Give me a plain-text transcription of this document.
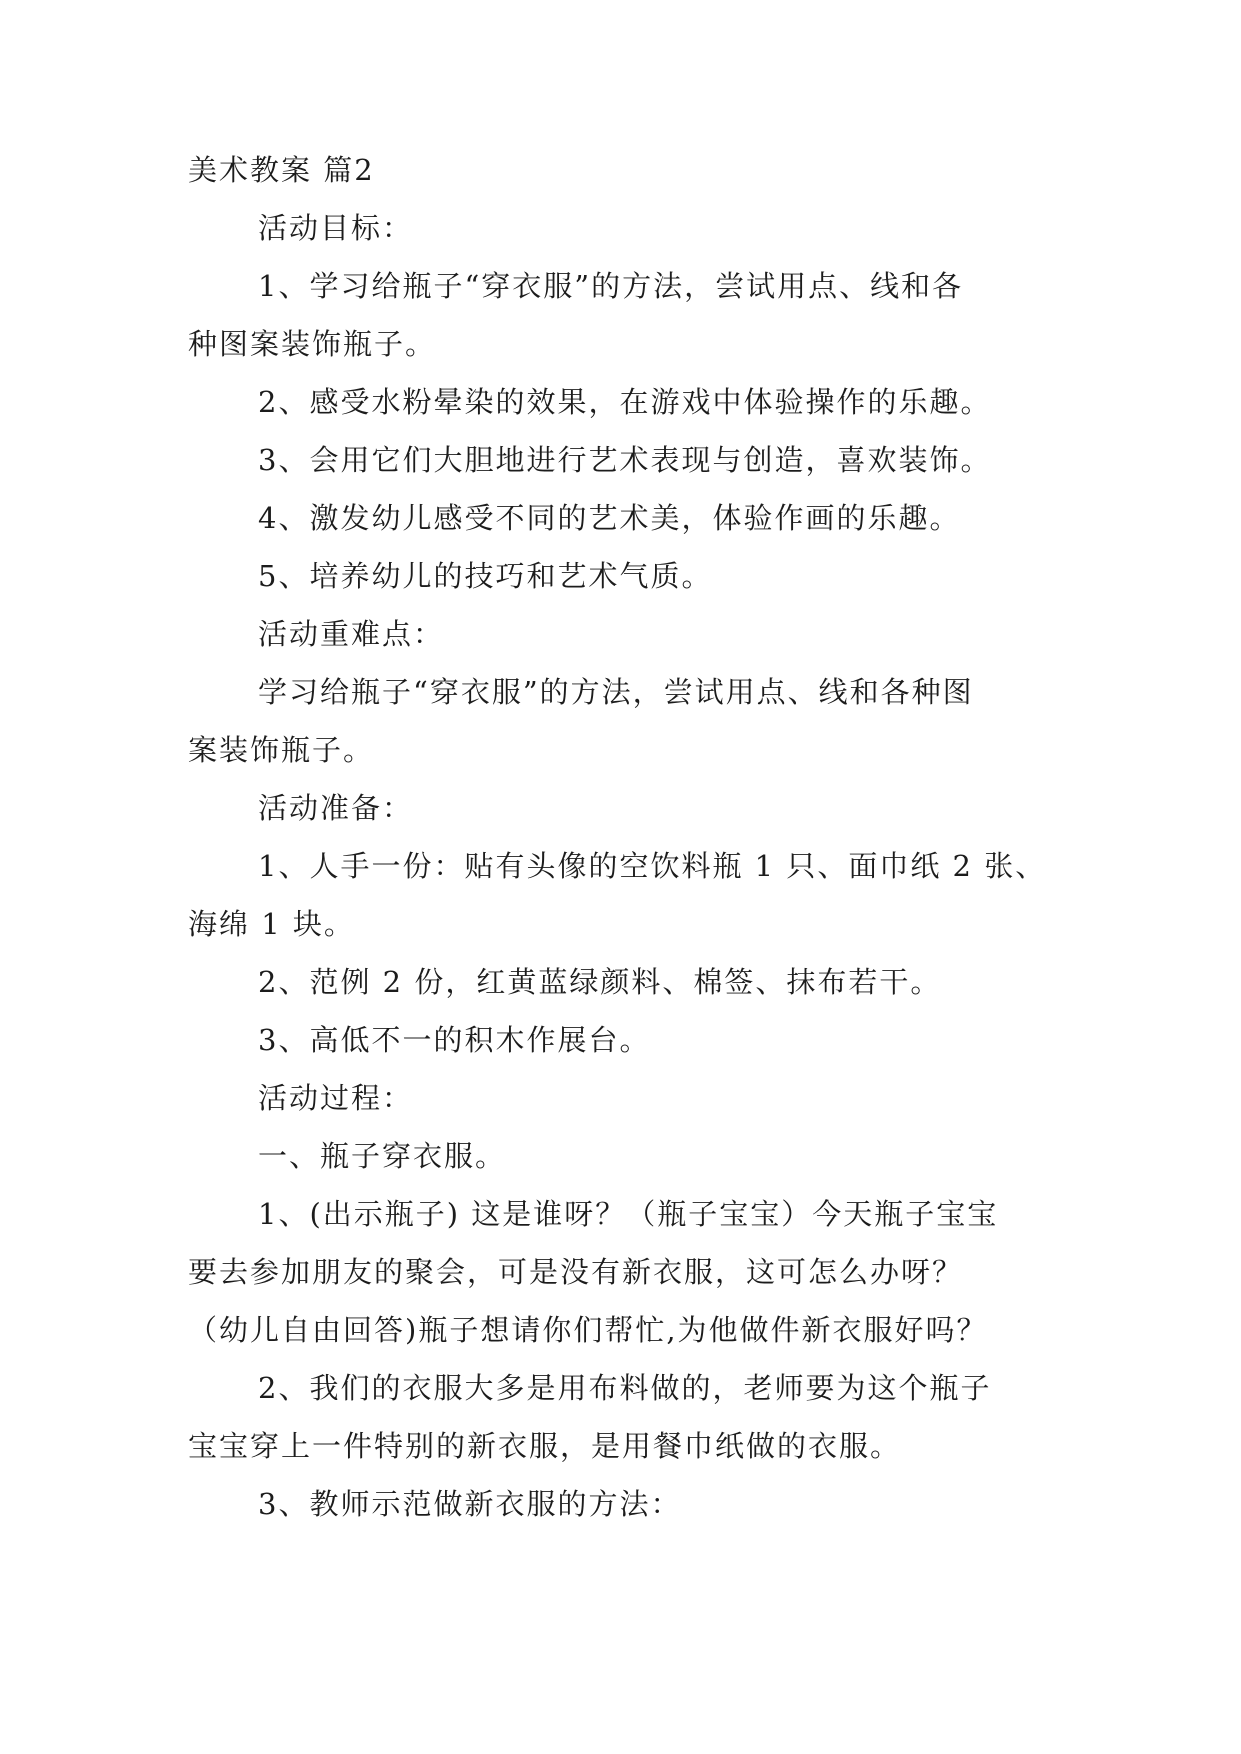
美术教案 篇2
活动目标：
1、学习给瓶子“穿衣服”的方法，尝试用点、线和各
种图案装饰瓶子。
2、感受水粉晕染的效果，在游戏中体验操作的乐趣。
3、会用它们大胆地进行艺术表现与创造，喜欢装饰。
4、激发幼儿感受不同的艺术美，体验作画的乐趣。
5、培养幼儿的技巧和艺术气质。
活动重难点：
学习给瓶子“穿衣服”的方法，尝试用点、线和各种图
案装饰瓶子。
活动准备：
1、人手一份：贴有头像的空饮料瓶 1 只、面巾纸 2 张、
海绵 1 块。
2、范例 2 份，红黄蓝绿颜料、棉签、抹布若干。
3、高低不一的积木作展台。
活动过程：
一、瓶子穿衣服。
1、(出示瓶子) 这是谁呀？（瓶子宝宝）今天瓶子宝宝
要去参加朋友的聚会，可是没有新衣服，这可怎么办呀？
（幼儿自由回答)瓶子想请你们帮忙,为他做件新衣服好吗？
2、我们的衣服大多是用布料做的，老师要为这个瓶子
宝宝穿上一件特别的新衣服，是用餐巾纸做的衣服。
3、教师示范做新衣服的方法：
